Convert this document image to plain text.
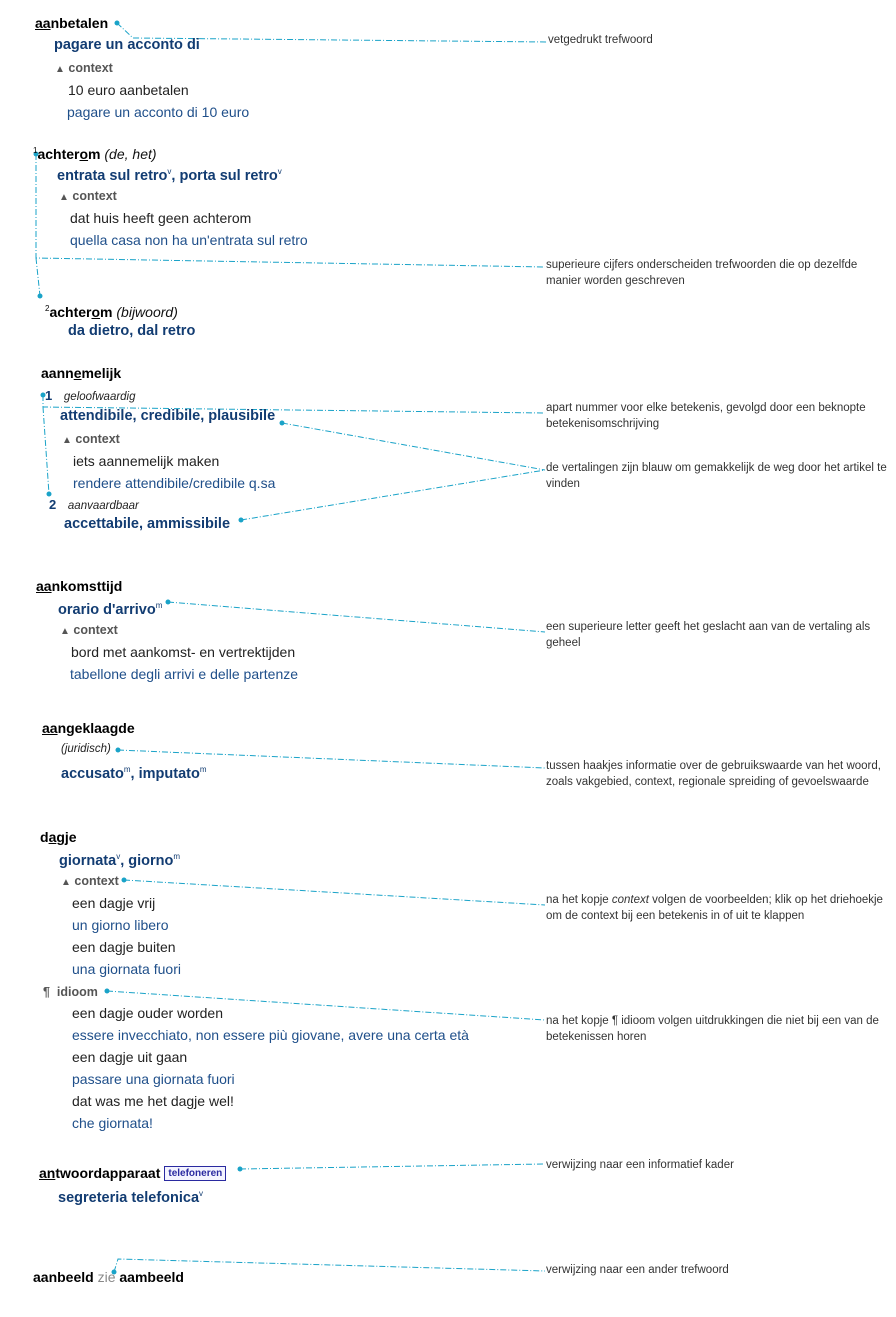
aanbetalen
pagare un acconto di
▲ context
10 euro aanbetalen
pagare un acconto di 10 euro
$^1$achterom (de, het)
entrata sul retro$^v$, porta sul retro$^v$
▲ context
dat huis heeft geen achterom
quella casa non ha un'entrata sul retro
$^2$achterom (bijwoord)
da dietro, dal retro
aannemelijk
1 geloofwaardig
attendibile, credibile, plausibile
▲ context
iets aannemelijk maken
rendere attendibile/credibile q.sa
2 aanvaardbaar
accettabile, ammissibile
aankomsttijd
orario d'arrivo$^m$
▲ context
bord met aankomst- en vertrektijden
tabellone degli arrivi e delle partenze
aangeklaagde
(juridisch)
accusato$^m$, imputato$^m$
dagje
giornata$^v$, giorno$^m$
▲ context
een dagje vrij
un giorno libero
een dagje buiten
una giornata fuori
¶ idioom
een dagje ouder worden
essere invecchiato, non essere più giovane, avere una certa età
een dagje uit gaan
passare una giornata fuori
dat was me het dagje wel!
che giornata!
antwoordapparaat telefoneren
segreteria telefonica$^v$
aanbeeld zie aambeeld
vetgedrukt trefwoord
superieure cijfers onderscheiden trefwoorden die op dezelfde manier worden geschreven
apart nummer voor elke betekenis, gevolgd door een beknopte betekenisomschrijving
de vertalingen zijn blauw om gemakkelijk de weg door het artikel te vinden
een superieure letter geeft het geslacht aan van de vertaling als geheel
tussen haakjes informatie over de gebruikswaarde van het woord, zoals vakgebied, context, regionale spreiding of gevoelswaarde
na het kopje context volgen de voorbeelden; klik op het driehoekje om de context bij een betekenis in of uit te klappen
na het kopje ¶ idioom volgen uitdrukkingen die niet bij een van de betekenissen horen
verwijzing naar een informatief kader
verwijzing naar een ander trefwoord
